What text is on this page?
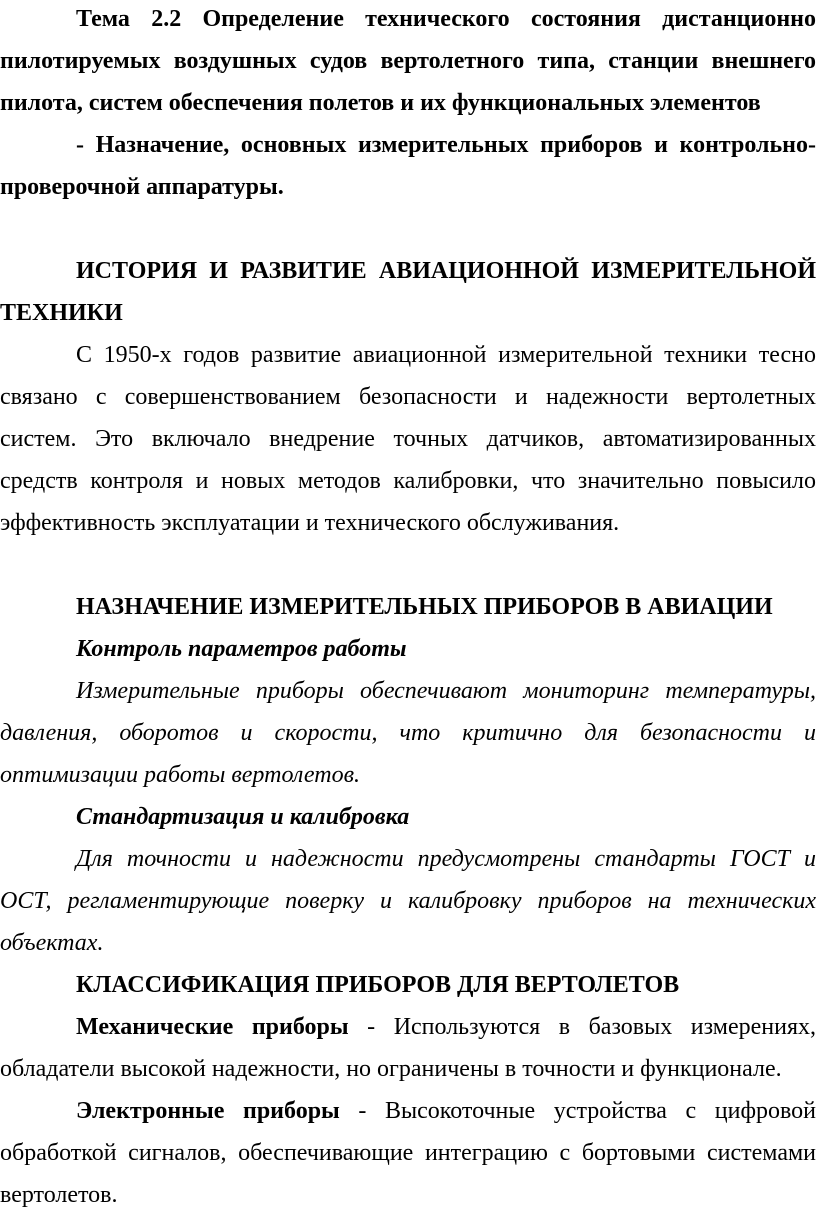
Тема 2.2 Определение технического состояния дистанционно пилотируемых воздушных судов вертолетного типа, станции внешнего пилота, систем обеспечения полетов и их функциональных элементов

- Назначение, основных измерительных приборов и контрольно-проверочной аппаратуры.

ИСТОРИЯ И РАЗВИТИЕ АВИАЦИОННОЙ ИЗМЕРИТЕЛЬНОЙ ТЕХНИКИ

С 1950-х годов развитие авиационной измерительной техники тесно связано с совершенствованием безопасности и надежности вертолетных систем. Это включало внедрение точных датчиков, автоматизированных средств контроля и новых методов калибровки, что значительно повысило эффективность эксплуатации и технического обслуживания.

НАЗНАЧЕНИЕ ИЗМЕРИТЕЛЬНЫХ ПРИБОРОВ В АВИАЦИИ

Контроль параметров работы

Измерительные приборы обеспечивают мониторинг температуры, давления, оборотов и скорости, что критично для безопасности и оптимизации работы вертолетов.

Стандартизация и калибровка

Для точности и надежности предусмотрены стандарты ГОСТ и ОСТ, регламентирующие поверку и калибровку приборов на технических объектах.

КЛАССИФИКАЦИЯ ПРИБОРОВ ДЛЯ ВЕРТОЛЕТОВ

Механические приборы - Используются в базовых измерениях, обладатели высокой надежности, но ограничены в точности и функционале.

Электронные приборы - Высокоточные устройства с цифровой обработкой сигналов, обеспечивающие интеграцию с бортовыми системами вертолетов.
